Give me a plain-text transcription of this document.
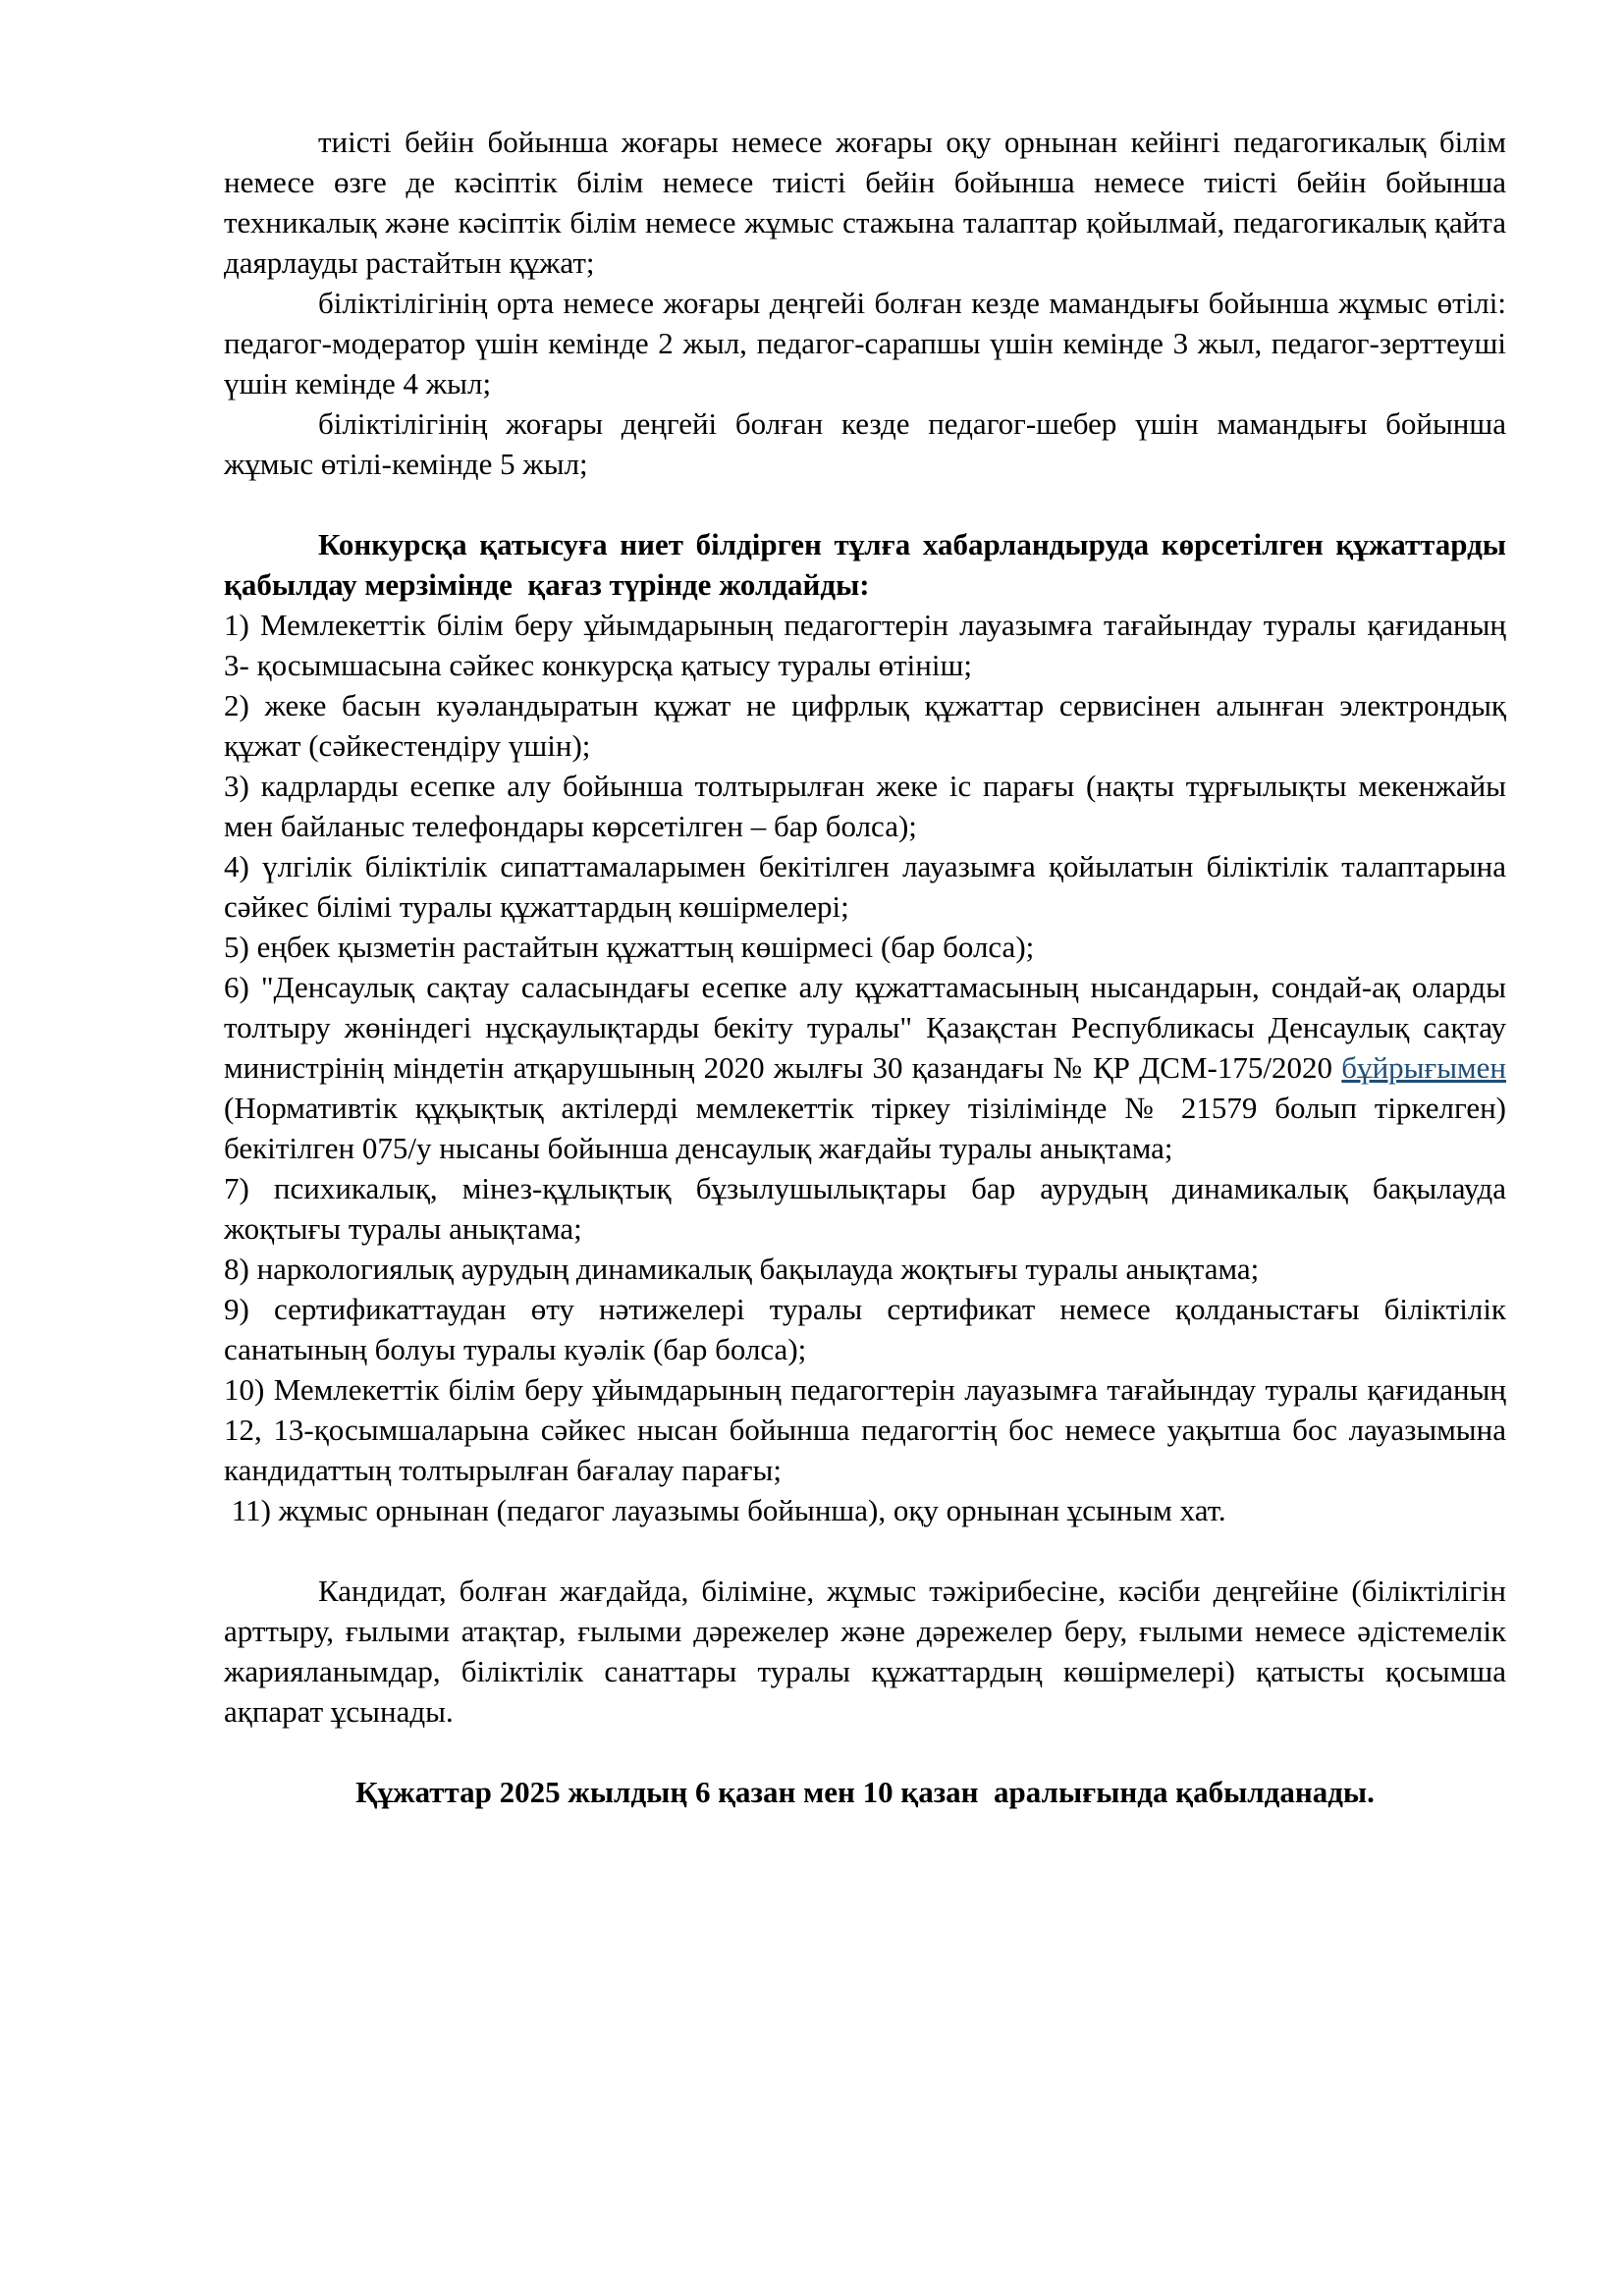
тиісті бейін бойынша жоғары немесе жоғары оқу орнынан кейінгі педагогикалық білім немесе өзге де кәсіптік білім немесе тиісті бейін бойынша немесе тиісті бейін бойынша техникалық және кәсіптік білім немесе жұмыс стажына талаптар қойылмай, педагогикалық қайта даярлауды растайтын құжат;

біліктілігінің орта немесе жоғары деңгейі болған кезде мамандығы бойынша жұмыс өтілі: педагог-модератор үшін кемінде 2 жыл, педагог-сарапшы үшін кемінде 3 жыл, педагог-зерттеуші үшін кемінде 4 жыл;

біліктілігінің жоғары деңгейі болған кезде педагог-шебер үшін мамандығы бойынша жұмыс өтілі-кемінде 5 жыл;

Конкурсқа қатысуға ниет білдірген тұлға хабарландыруда көрсетілген құжаттарды қабылдау мерзімінде  қағаз түрінде жолдайды:

1) Мемлекеттік білім беру ұйымдарының педагогтерін лауазымға тағайындау туралы қағиданың 3- қосымшасына сәйкес конкурсқа қатысу туралы өтініш;

2) жеке басын куәландыратын құжат не цифрлық құжаттар сервисінен алынған электрондық құжат (сәйкестендіру үшін);

3) кадрларды есепке алу бойынша толтырылған жеке іс парағы (нақты тұрғылықты мекенжайы мен байланыс телефондары көрсетілген – бар болса);

4) үлгілік біліктілік сипаттамаларымен бекітілген лауазымға қойылатын біліктілік талаптарына сәйкес білімі туралы құжаттардың көшірмелері;

5) еңбек қызметін растайтын құжаттың көшірмесі (бар болса);

6) "Денсаулық сақтау саласындағы есепке алу құжаттамасының нысандарын, сондай-ақ оларды толтыру жөніндегі нұсқаулықтарды бекіту туралы" Қазақстан Республикасы Денсаулық сақтау министрінің міндетін атқарушының 2020 жылғы 30 қазандағы № ҚР ДСМ-175/2020 бұйрығымен (Нормативтік құқықтық актілерді мемлекеттік тіркеу тізілімінде № 21579 болып тіркелген) бекітілген 075/у нысаны бойынша денсаулық жағдайы туралы анықтама;

7) психикалық, мінез-құлықтық бұзылушылықтары бар аурудың динамикалық бақылауда жоқтығы туралы анықтама;

8) наркологиялық аурудың динамикалық бақылауда жоқтығы туралы анықтама;

9) сертификаттаудан өту нәтижелері туралы сертификат немесе қолданыстағы біліктілік санатының болуы туралы куәлік (бар болса);

10) Мемлекеттік білім беру ұйымдарының педагогтерін лауазымға тағайындау туралы қағиданың 12, 13-қосымшаларына сәйкес нысан бойынша педагогтің бос немесе уақытша бос лауазымына кандидаттың толтырылған бағалау парағы;

11) жұмыс орнынан (педагог лауазымы бойынша), оқу орнынан ұсыным хат.

Кандидат, болған жағдайда, біліміне, жұмыс тәжірибесіне, кәсіби деңгейіне (біліктілігін арттыру, ғылыми атақтар, ғылыми дәрежелер және дәрежелер беру, ғылыми немесе әдістемелік жарияланымдар, біліктілік санаттары туралы құжаттардың көшірмелері) қатысты қосымша ақпарат ұсынады.

Құжаттар 2025 жылдың 6 қазан мен 10 қазан  аралығында қабылданады.
